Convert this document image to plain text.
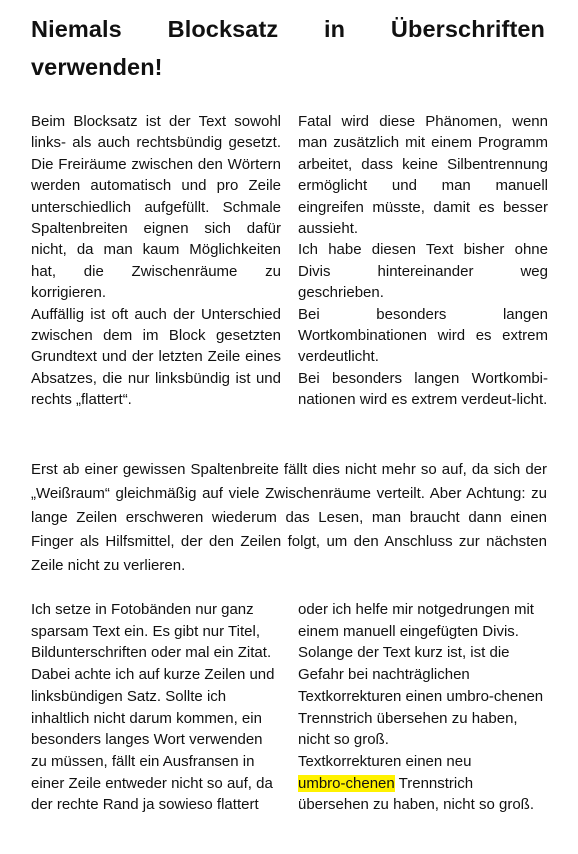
Niemals Blocksatz in Überschriften verwenden!

Beim Blocksatz ist der Text sowohl links- als auch rechtsbündig gesetzt. Die Freiräume zwischen den Wörtern werden automatisch und pro Zeile unterschiedlich aufgefüllt. Schmale Spaltenbreiten eignen sich dafür nicht, da man kaum Möglichkeiten hat, die Zwischenräume zu korrigieren.

Auffällig ist oft auch der Unterschied zwischen dem im Block gesetzten Grundtext und der letzten Zeile eines Absatzes, die nur linksbündig ist und rechts „flattert“.

Fatal wird diese Phänomen, wenn man zusätzlich mit einem Programm arbeitet, dass keine Silbentrennung ermöglicht und man manuell eingreifen müsste, damit es besser aussieht.

Ich habe diesen Text bisher ohne Divis hintereinander weg geschrieben.

Bei besonders langen Wortkombinationen wird es extrem verdeutlicht.

Bei besonders langen Wortkombi-nationen wird es extrem verdeut-licht.

Erst ab einer gewissen Spaltenbreite fällt dies nicht mehr so auf, da sich der „Weißraum“ gleichmäßig auf viele Zwischenräume verteilt. Aber Achtung: zu lange Zeilen erschweren wiederum das Lesen, man braucht dann einen Finger als Hilfsmittel, der den Zeilen folgt, um den Anschluss zur nächsten Zeile nicht zu verlieren.

Ich setze in Fotobänden nur ganz sparsam Text ein. Es gibt nur Titel, Bildunterschriften oder mal ein Zitat. Dabei achte ich auf kurze Zeilen und linksbündigen Satz. Sollte ich inhaltlich nicht darum kommen, ein besonders langes Wort verwenden zu müssen, fällt ein Ausfransen in einer Zeile entweder nicht so auf, da der rechte Rand ja sowieso flattert

oder ich helfe mir notgedrungen mit einem manuell eingefügten Divis. Solange der Text kurz ist, ist die Gefahr bei nachträglichen Textkorrekturen einen umbro-chenen Trennstrich übersehen zu haben, nicht so groß.

Textkorrekturen einen neu
umbro-chenen Trennstrich übersehen zu haben, nicht so groß.
